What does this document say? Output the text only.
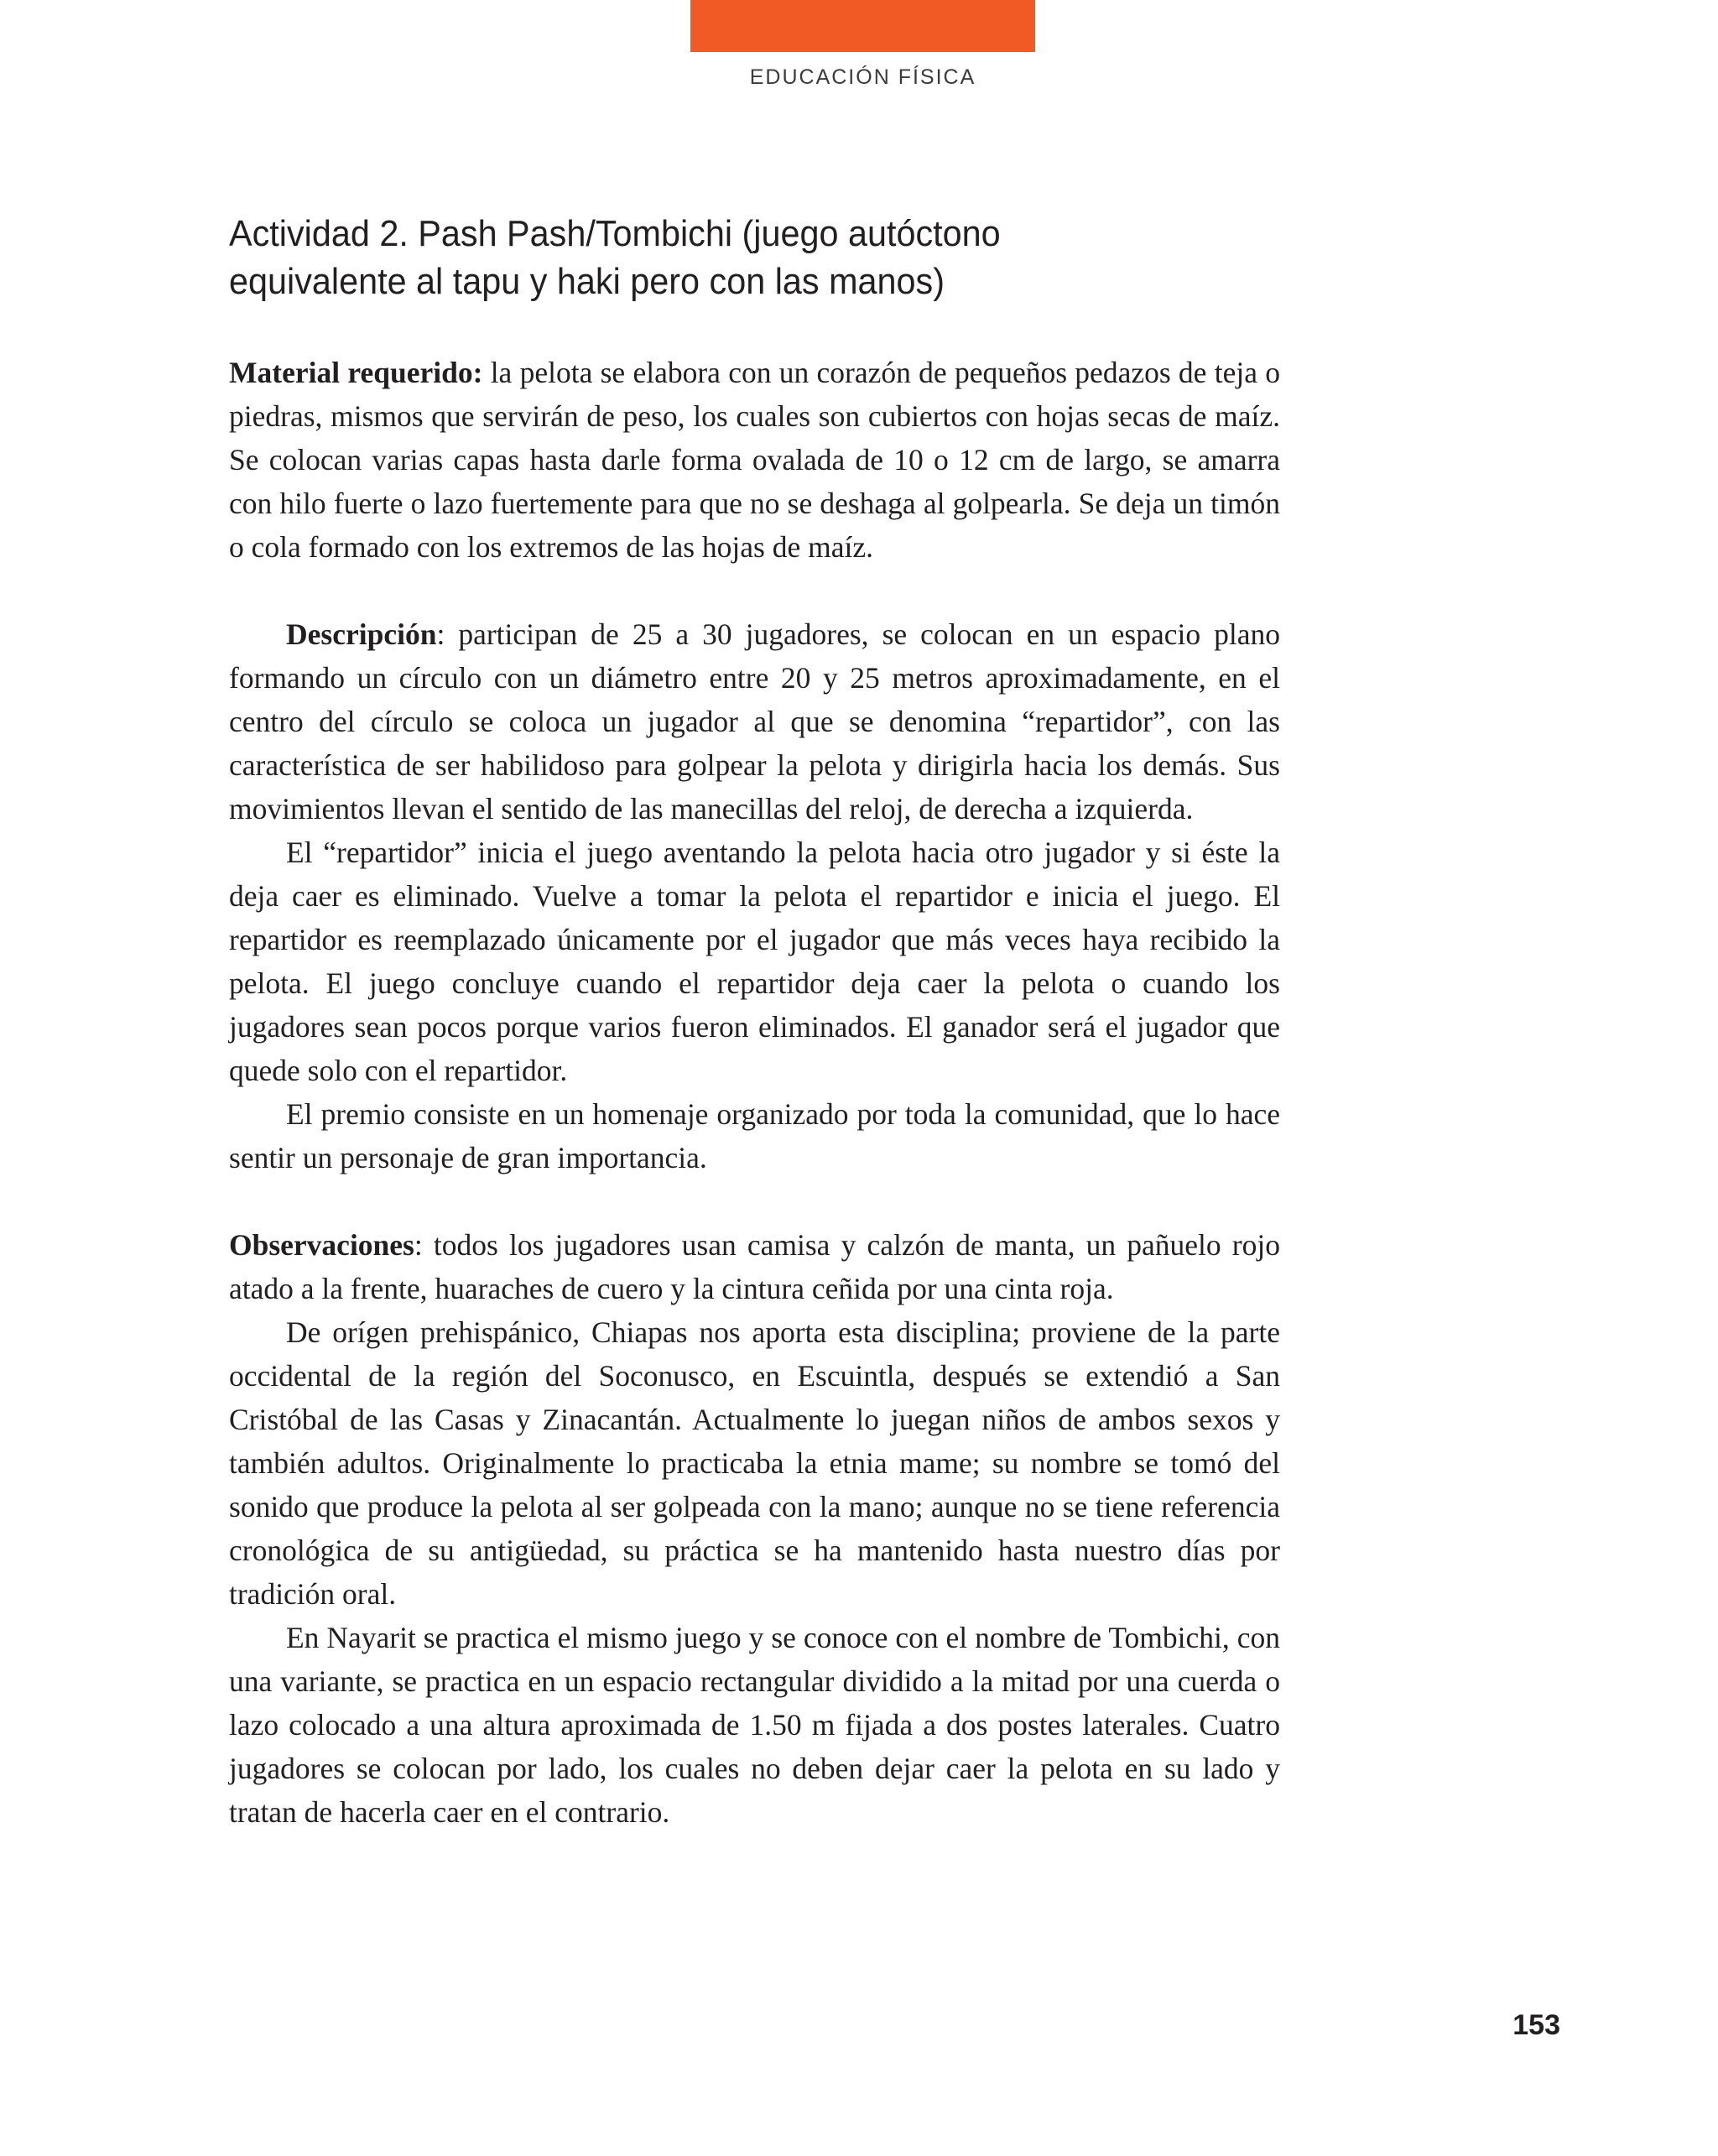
EDUCACIÓN FÍSICA
Actividad 2. Pash Pash/Tombichi (juego autóctono
equivalente al tapu y haki pero con las manos)

Material requerido: la pelota se elabora con un corazón de pequeños pedazos de teja o piedras, mismos que servirán de peso, los cuales son cubiertos con hojas secas de maíz. Se colocan varias capas hasta darle forma ovalada de 10 o 12 cm de largo, se amarra con hilo fuerte o lazo fuertemente para que no se deshaga al golpearla. Se deja un timón o cola formado con los extremos de las hojas de maíz.

Descripción: participan de 25 a 30 jugadores, se colocan en un espacio plano formando un círculo con un diámetro entre 20 y 25 metros aproximadamente, en el centro del círculo se coloca un jugador al que se denomina “repartidor”, con las característica de ser habilidoso para golpear la pelota y dirigirla hacia los demás. Sus movimientos llevan el sentido de las manecillas del reloj, de derecha a izquierda.

El “repartidor” inicia el juego aventando la pelota hacia otro jugador y si éste la deja caer es eliminado. Vuelve a tomar la pelota el repartidor e inicia el juego. El repartidor es reemplazado únicamente por el jugador que más veces haya recibido la pelota. El juego concluye cuando el repartidor deja caer la pelota o cuando los jugadores sean pocos porque varios fueron eliminados. El ganador será el jugador que quede solo con el repartidor.

El premio consiste en un homenaje organizado por toda la comunidad, que lo hace sentir un personaje de gran importancia.

Observaciones: todos los jugadores usan camisa y calzón de manta, un pañuelo rojo atado a la frente, huaraches de cuero y la cintura ceñida por una cinta roja.

De orígen prehispánico, Chiapas nos aporta esta disciplina; proviene de la parte occidental de la región del Soconusco, en Escuintla, después se extendió a San Cristóbal de las Casas y Zinacantán. Actualmente lo juegan niños de ambos sexos y también adultos. Originalmente lo practicaba la etnia mame; su nombre se tomó del sonido que produce la pelota al ser golpeada con la mano; aunque no se tiene referencia cronológica de su antigüedad, su práctica se ha mantenido hasta nuestro días por tradición oral.

En Nayarit se practica el mismo juego y se conoce con el nombre de Tombichi, con una variante, se practica en un espacio rectangular dividido a la mitad por una cuerda o lazo colocado a una altura aproximada de 1.50 m fijada a dos postes laterales. Cuatro jugadores se colocan por lado, los cuales no deben dejar caer la pelota en su lado y tratan de hacerla caer en el contrario.

153
